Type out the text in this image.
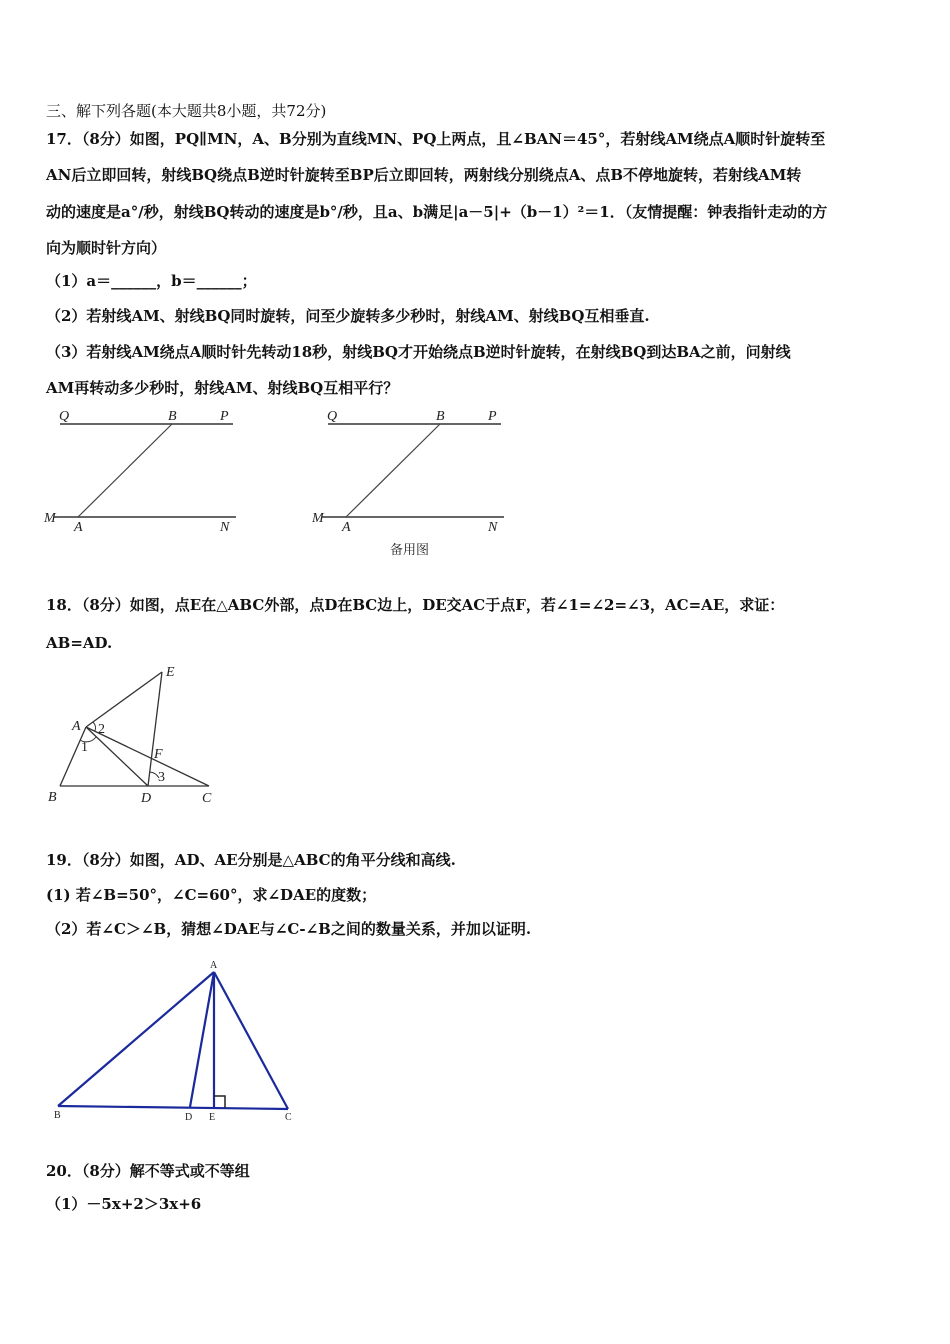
三、解下列各题(本大题共8小题，共72分)
17．（8分）如图，PQ∥MN，A、B分别为直线MN、PQ上两点，且∠BAN＝45°，若射线AM绕点A顺时针旋转至
AN后立即回转，射线BQ绕点B逆时针旋转至BP后立即回转，两射线分别绕点A、点B不停地旋转，若射线AM转
动的速度是a°/秒，射线BQ转动的速度是b°/秒，且a、b满足|a－5|+（b－1）²＝1．（友情提醒：钟表指针走动的方
向为顺时针方向）
（1）a＝______，b＝______；
（2）若射线AM、射线BQ同时旋转，问至少旋转多少秒时，射线AM、射线BQ互相垂直.
（3）若射线AM绕点A顺时针先转动18秒，射线BQ才开始绕点B逆时针旋转，在射线BQ到达BA之前，问射线
AM再转动多少秒时，射线AM、射线BQ互相平行？
Q	B	P
M
A	N
Q	B	P
M
A	N
备用图
18．（8分）如图，点E在△ABC外部，点D在BC边上，DE交AC于点F，若∠1=∠2=∠3，AC=AE，求证：
AB=AD.
A
B	C
D
E
F
1
2
3
19．（8分）如图，AD、AE分别是△ABC的角平分线和高线.
(1) 若∠B=50°，∠C=60°，求∠DAE的度数；
（2）若∠C＞∠B，猜想∠DAE与∠C-∠B之间的数量关系，并加以证明.
A
B	C
D E
20．（8分）解不等式或不等组
（1）－5x+2＞3x+6
